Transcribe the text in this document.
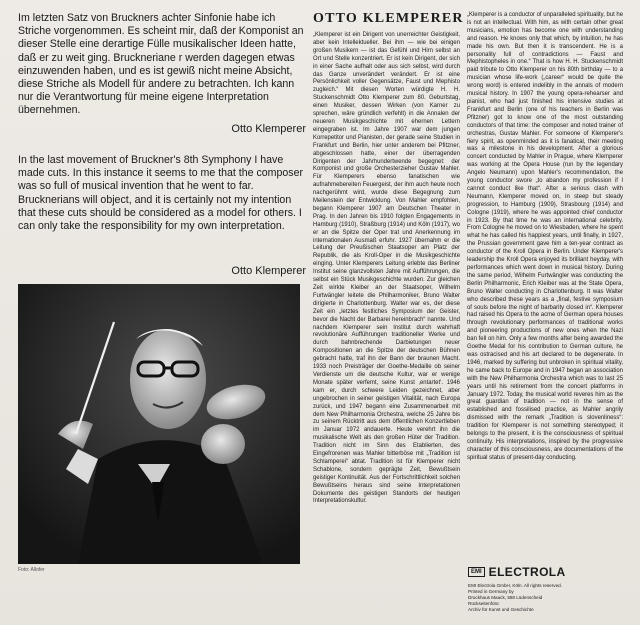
Im letzten Satz von Bruckners achter Sinfonie habe ich Striche vorgenommen. Es scheint mir, daß der Komponist an dieser Stelle eine derartige Fülle musikalischer Ideen hatte, daß er zu weit ging. Bruckneriane r werden dagegen etwas einzuwenden haben, und es ist gewiß nicht meine Absicht, diese Striche als Modell für andere zu betrachten. Ich kann nur die Verantwortung für meine eigene Interpretation übernehmen.
Otto Klemperer
In the last movement of Bruckner's 8th Symphony I have made cuts. In this instance it seems to me that the composer was so full of musical invention that he went to far. Brucknerians will object, and it is certainly not my intention that these cuts should be considered as a model for others. I can only take the responsibility for my own interpretation.
Otto Klemperer
Foto: Allofer
OTTO KLEMPERER

„Klemperer ist ein Dirigent von unerreichter Geistigkeit, aber kein Intellektueller. Bei ihm — wie bei einigen großen Musikern — ist das Gefühl und Hirn selbst an Ort und Stelle konzentriert. Er ist kein Dirigent, der sich in einer Sache aufhalt oder aus sich selbst, wird durch das Ganze unverändert verändert. Er ist eine Persönlichkeit voller Gegensätze, Faust und Mephisto zugleich.“ Mit diesen Worten würdigte H. H. Stuckenschmidt Otto Klemperer zum 80. Geburtstag, einen Musiker, dessen Wirken (von Karner zu sprechen, wäre gründlich verfehlt) in die Annalen der neueren Musikgeschichte mit ehernen Lettern eingegraben ist. Im Jahre 1907 war dem jungen Korrepetitor und Pianisten, der gerade seine Studien in Frankfurt und Berlin, hier unter anderem bei Pfitzner, abgeschlossen hatte, einer der überragenden Dirigenten der Jahrhundertwende begegnet: der Komponist und große Orchesterzieher Gustav Mahler. Für Klemperers ebenso fanatischen wie aufnahmebereiten Feuergeist, der ihm auch heute noch nachgerühmt wird, wurde diese Begegnung zum Meilenstein der Entwicklung. Von Mahler empfohlen, begann Klemperer 1907 am Deutschen Theater in Prag. In den Jahren bis 1910 folgten Engagements in Hamburg (1910), Straßburg (1914) und Köln (1917), wo er an die Spitze der Oper trat und Anerkennung im internationalen Ausmaß erfuhr. 1927 übernahm er die Leitung der Preußischen Staatsoper am Platz der Republik, die als Kroll-Oper in die Musikgeschichte einging. Unter Klemperers Leitung erlebte das Berliner Institut seine glanzvollsten Jahre mit Aufführungen, die selbst ein Stück Musikgeschichte wurden. Zur gleichen Zeit wirkte Kleiber an der Staatsoper, Wilhelm Furtwängler leitete die Philharmoniker, Bruno Walter dirigierte in Charlottenburg. Walter war es, der diese Zeit ein „letztes festliches Symposium der Geister, bevor die Nacht der Barbarei hereinbrach“ nannte. Und nachdem Klemperer sein Institut durch wahrhaft revolutionäre Aufführungen traditioneller Werke und durch bahnbrechende Darbietungen neuer Kompositionen an die Spitze der deutschen Bühnen gebracht hatte, traf ihn der Bann der braunen Macht. 1933 noch Preisträger der Goethe-Medaille ob seiner Verdienste um die deutsche Kultur, war er wenige Monate später verfemt, seine Kunst ‚entartet‘. 1946 kam er, durch schwere Leiden gezeichnet, aber ungebrochen in seiner geistigen Vitalität, nach Europa zurück, und 1947 begann eine Zusammenarbeit mit dem New Philharmonia Orchestra, welche 25 Jahre bis zu seinem Rücktritt aus dem öffentlichen Konzertleben im Januar 1972 andauerte. Heute verehrt ihn die musikalische Welt als den großen Hüter der Tradition. Tradition nicht im Sinn des Etablierten, des Eingefrorenen was Mahler bitterböse mit „Tradition ist Schlamperei“ abtat. Tradition ist für Klemperer nicht Schablone, sondern geprägte Zeit, Bewußtsein geistiger Kontinuität. Aus der Fortschrittlichkeit solchen Bewußtseins heraus sind seine Interpretationen Dokumente des geistigen Standorts der heutigen Interpretationskultur.

„Klemperer is a conductor of unparalleled spirituality, but he is not an intellectual. With him, as with certain other great musicians, emotion has become one with understanding and reason. He knows only that which, by intuition, he has made his own. But then it is transcendent. He is a personality full of contradictions — Faust and Mephistopheles in one.“ That is how H. H. Stuckenschmidt paid tribute to Otto Klemperer on his 80th birthday — to a musician whose life-work („career“ would be quite the wrong word) is entered indelibly in the annals of modern musical history. In 1907 the young opera-rehearser and pianist, who had just finished his intensive studies at Frankfurt and Berlin (one of his teachers in Berlin was Pfitzner) got to know one of the most outstanding conductors of that time: the composer and noted trainer of orchestras, Gustav Mahler. For someone of Klemperer's fiery spirit, as openminded as it is fanatical, their meeting was a milestone in his development. After a glorious concert conducted by Mahler in Prague, where Klemperer was working at the Opera House (run by the legendary Angelo Neumann) upon Mahler's recommendation, the young conductor swore „to abandon my profession if I cannot conduct like that“. After a serious clash with Neumann, Klemperer moved on, in steep but steady progression, to Hamburg (1909), Strasbourg (1914) and Cologne (1919), where he was appointed chief conductor in 1923. By that time he was an international celebrity. From Cologne he moved on to Wiesbaden, where he spent what he has called his happiest years, until finally, in 1927, the Prussian government gave him a ten-year contract as conductor of the Kroll Opera in Berlin. Under Klemperer's leadership the Kroll Opera enjoyed its brilliant heyday, with performances which went down in musical history. During the same period, Wilhelm Furtwängler was conducting the Berlin Philharmonic, Erich Kleiber was at the State Opera, Bruno Walter conducting in Charlottenburg. It was Walter who described these years as a „final, festive symposium of souls before the night of barbarity closed in“. Klemperer had raised his Opera to the acme of German opera houses through revolutionary performances of traditional works and pioneering productions of new ones when the Nazi ban fell on him. Only a few months after being awarded the Goethe Medal for his contribution to German culture, he was ostracised and his art declared to be degenerate. In 1946, marked by suffering but unbroken in spiritual vitality, he came back to Europe and in 1947 began an association with the New Philharmonia Orchestra which was to last 25 years until his retirement from the concert platforms in January 1972. Today, the musical world reveres him as the great guardian of tradition — not in the sense of established and fossilised practice, as Mahler angrily dismissed with the remark „Tradition is slovenliness“: tradition for Klemperer is not something stereotyped; it belongs to the present, it is the consciousness of spiritual continuity. His interpretations, inspired by the progressive character of this consciousness, are documentations of the spiritual status of present-day conducting.

EMI ELECTROLA
EMI Electrola GmbH, Köln. All rights reserved.
Printed in Germany by
Druckhaus Maack, 588 Lüdenscheid
Rückseitenfoto:
Archiv für Kunst und Geschichte
